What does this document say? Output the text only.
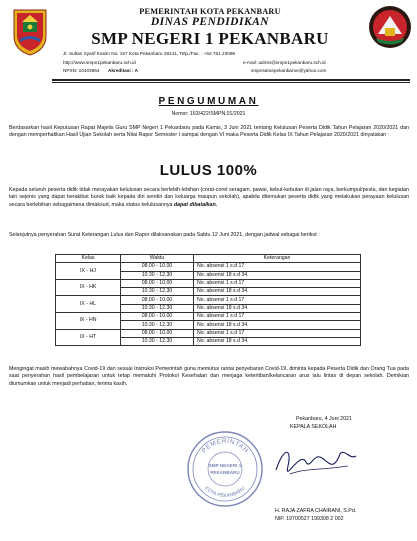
PEMERINTAH KOTA PEKANBARU
DINAS PENDIDIKAN
SMP NEGERI 1 PEKANBARU
Jl. Sultan Syarif Kasim No. 157 Kota Pekanbaru 28141, Telp./Fax. : +62 761 23098
http://www.smpn1pekanbaru.sch.id	e-mail: admin@smpn1pekanbaru.sch.id
NPSN: 10403964 Akreditasi : A	smpnsatoepekanbaroe@yahoo.com
PENGUMUMAN
Nomor: 163/422/SMPN.01/2021
Berdasarkan hasil Keputusan Rapat Majelis Guru SMP Negeri 1 Pekanbaru pada Kamis, 3 Juni 2021 tentang Kelulusan Peserta Didik Tahun Pelajaran 2020/2021 dan dengan memperhatikan Hasil Ujian Sekolah serta Nilai Rapor Semester I sampai dengan VI maka Peserta Didik Kelas IX Tahun Pelajaran 2020/2021 dinyatakan :
LULUS 100%
Kepada seluruh peserta didik tidak merayakan kelulusan secara berlebih-lebihan (corat-coret seragam, pawai, kebut-kebutan di jalan raya, berkumpul/pesta, dan kegiatan lain sejenis yang dapat berakibat buruk baik kepada diri sendiri dan keluarga maupun sekolah), apabila ditemukan peserta didik yang melakukan perayaan kelulusan secara berlebihan sebagaimana dimaksud, maka status kelulusannya dapat dibatalkan.
Selanjutnya penyerahan Surat Keterangan Lulus dan Rapor dilaksanakan pada Sabtu 12 Juni 2021, dengan jadwal sebagai berikut :
Kelas	Waktu	Keterangan
IX - HJ	08.00 - 10.00	No. absensi 1 s.d 17
	10.30 - 12.30	No. absensi 18 s.d 34
IX - HK	08.00 - 10.00	No. absensi 1 s.d 17
	10.30 - 12.30	No. absensi 18 s.d 34
IX - HL	08.00 - 10.00	No. absensi 1 s.d 17
	10.30 - 12.30	No. absensi 18 s.d 34
IX - HN	08.00 - 10.00	No. absensi 1 s.d 17
	10.30 - 12.30	No. absensi 18 s.d 34
IX - HT	08.00 - 10.00	No. absensi 1 s.d 17
	10.30 - 12.30	No. absensi 18 s.d 34
Mengingat masih mewabahnya Covid-19 dan sesuai Instruksi Pemerintah guna memutus rantai penyebaran Covid-19, diminta kepada Peserta Didik dan Orang Tua pada saat penyerahan hasil pembelajaran untuk tetap mematuhi Protokol Kesehatan dan menjaga ketertiban/kelancaran arus lalu lintas di depan sekolah. Demikian diumumkan untuk menjadi perhatian, terima kasih.
Pekanbaru, 4 Juni 2021
KEPALA SEKOLAH
PEMERINTAH
SMP NEGERI 1
PEKANBARU
KOTA PEKANBARU
H. RAJA ZAFRA CHAIRANI, S.Pd.
NIP. 19700527 199308 2 002
